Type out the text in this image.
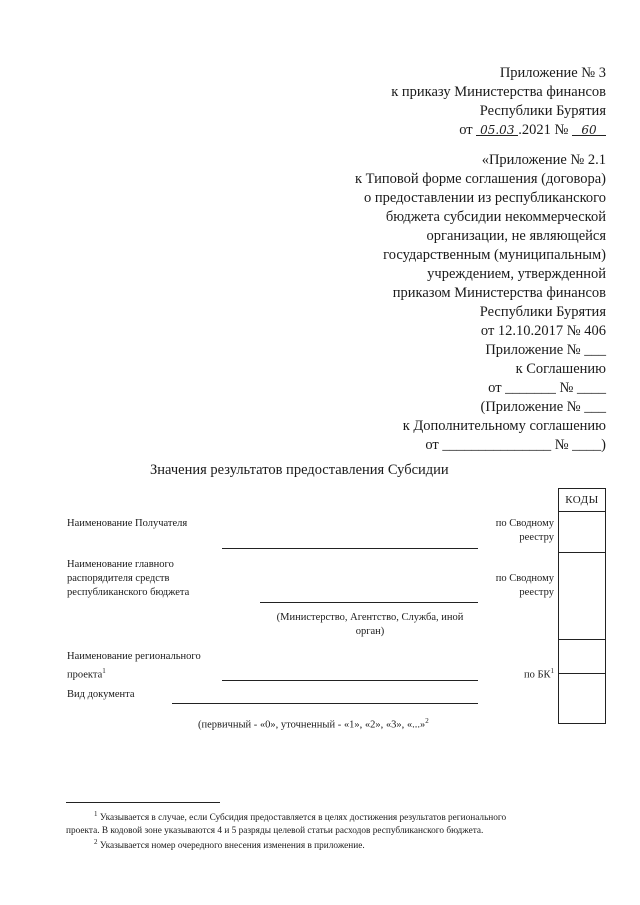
Приложение № 3
к приказу Министерства финансов
Республики Бурятия
от 05.03 .2021 № 60
«Приложение № 2.1
к Типовой форме соглашения (договора)
о предоставлении из республиканского
бюджета субсидии некоммерческой
организации, не являющейся
государственным (муниципальным)
учреждением, утвержденной
приказом Министерства финансов
Республики Бурятия
от 12.10.2017 № 406
Приложение № ___
к Соглашению
от _______ № ____
(Приложение № ___
к Дополнительному соглашению
от _______________ № ____)
Значения результатов предоставления Субсидии
КОДЫ
Наименование Получателя	по Сводному
реестру
Наименование главного
распорядителя средств
республиканского бюджета
по Сводному
реестру
(Министерство, Агентство, Служба, иной
орган)
Наименование регионального
проекта$^1$	по $БК^1$
Вид документа
(первичный - «0», уточненный - «1», «2», «3», «...»$^2$
$^1$ Указывается в случае, если Субсидия предоставляется в целях достижения результатов регионального
проекта. В кодовой зоне указываются 4 и 5 разряды целевой статьи расходов республиканского бюджета.
$^2$ Указывается номер очередного внесения изменения в приложение.
